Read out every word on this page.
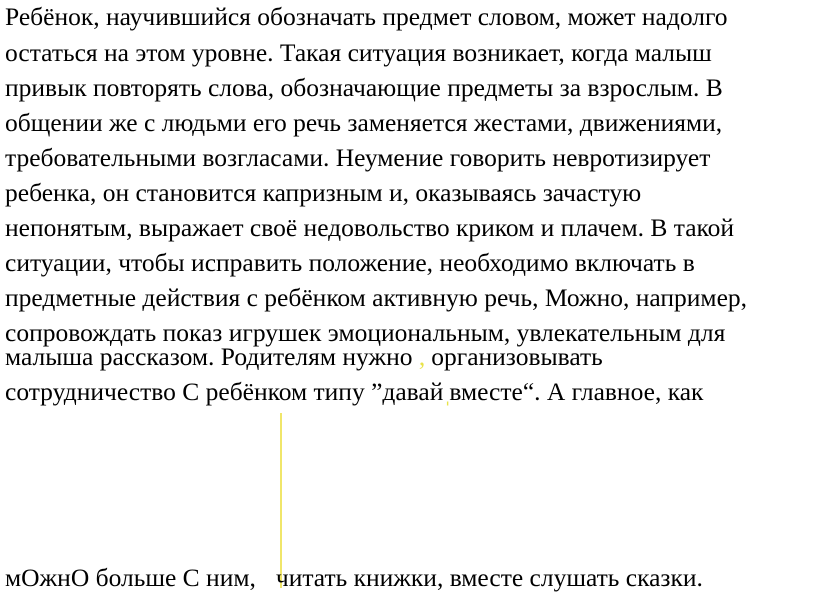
Ребёнок, научившийся обозначать предмет словом, может надолго

остаться на этом уровне. Такая ситуация возникает, когда малыш

привык повторять слова, обозначающие предметы за взрослым. В

общении же с людьми его речь заменяется жестами, движениями,

требовательными возгласами. Неумение говорить невротизирует

ребенка, он становится капризным и, оказываясь зачастую

непонятым, выражает своё недовольство криком и плачем. В такой

ситуации, чтобы исправить положение, необходимо включать в

предметные действия с ребёнком активную речь, Можно, например,

сопровождать показ игрушек эмоциональным, увлекательным для

малыша рассказом. Родителям нужно , организовывать

сотрудничество С ребёнком типу ”давайˌвместе“. А главное, как

мОжнО больше С ним, читать книжки, вместе слушать сказки.
